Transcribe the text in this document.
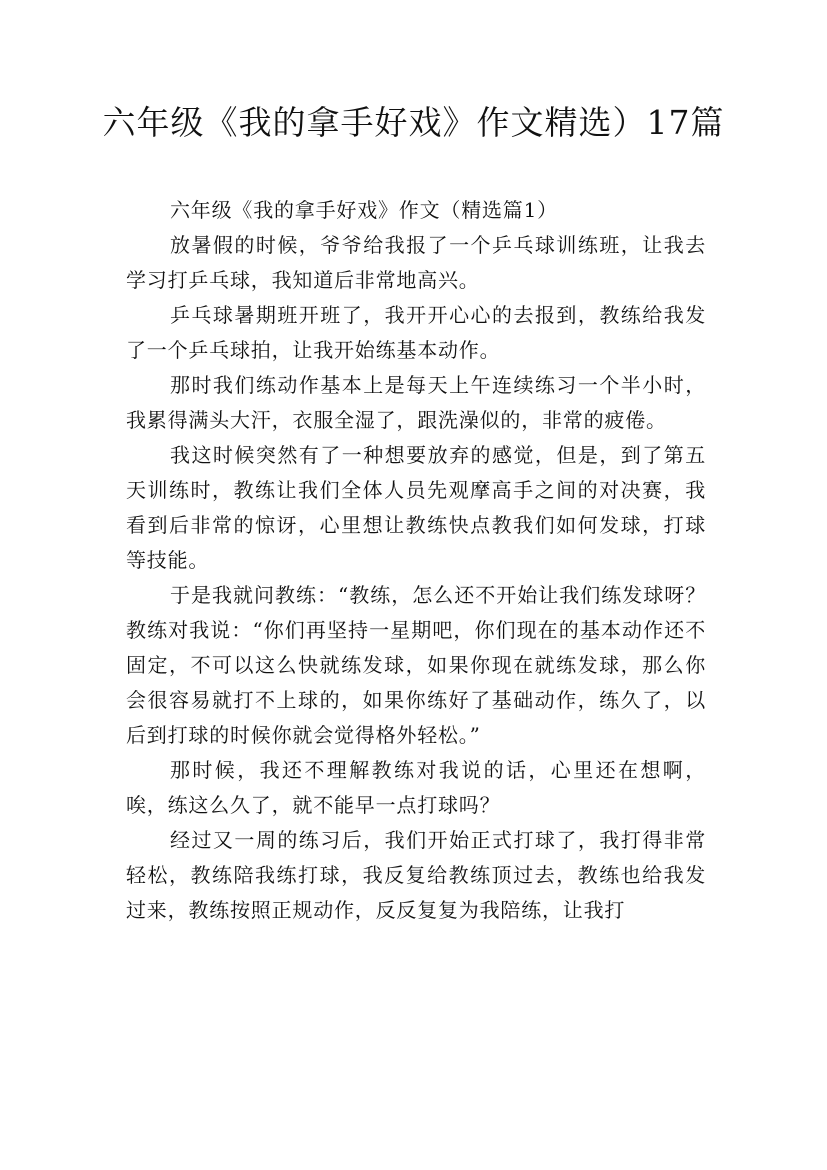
六年级《我的拿手好戏》作文精选）17篇

六年级《我的拿手好戏》作文（精选篇1）

放暑假的时候，爷爷给我报了一个乒乓球训练班，让我去学习打乒乓球，我知道后非常地高兴。

乒乓球暑期班开班了，我开开心心的去报到，教练给我发了一个乒乓球拍，让我开始练基本动作。

那时我们练动作基本上是每天上午连续练习一个半小时，我累得满头大汗，衣服全湿了，跟洗澡似的，非常的疲倦。

我这时候突然有了一种想要放弃的感觉，但是，到了第五天训练时，教练让我们全体人员先观摩高手之间的对决赛，我看到后非常的惊讶，心里想让教练快点教我们如何发球，打球等技能。

于是我就问教练：“教练，怎么还不开始让我们练发球呀？教练对我说：“你们再坚持一星期吧，你们现在的基本动作还不固定，不可以这么快就练发球，如果你现在就练发球，那么你会很容易就打不上球的，如果你练好了基础动作，练久了，以后到打球的时候你就会觉得格外轻松。”

那时候，我还不理解教练对我说的话，心里还在想啊，唉，练这么久了，就不能早一点打球吗？

经过又一周的练习后，我们开始正式打球了，我打得非常轻松，教练陪我练打球，我反复给教练顶过去，教练也给我发过来，教练按照正规动作，反反复复为我陪练，让我打
